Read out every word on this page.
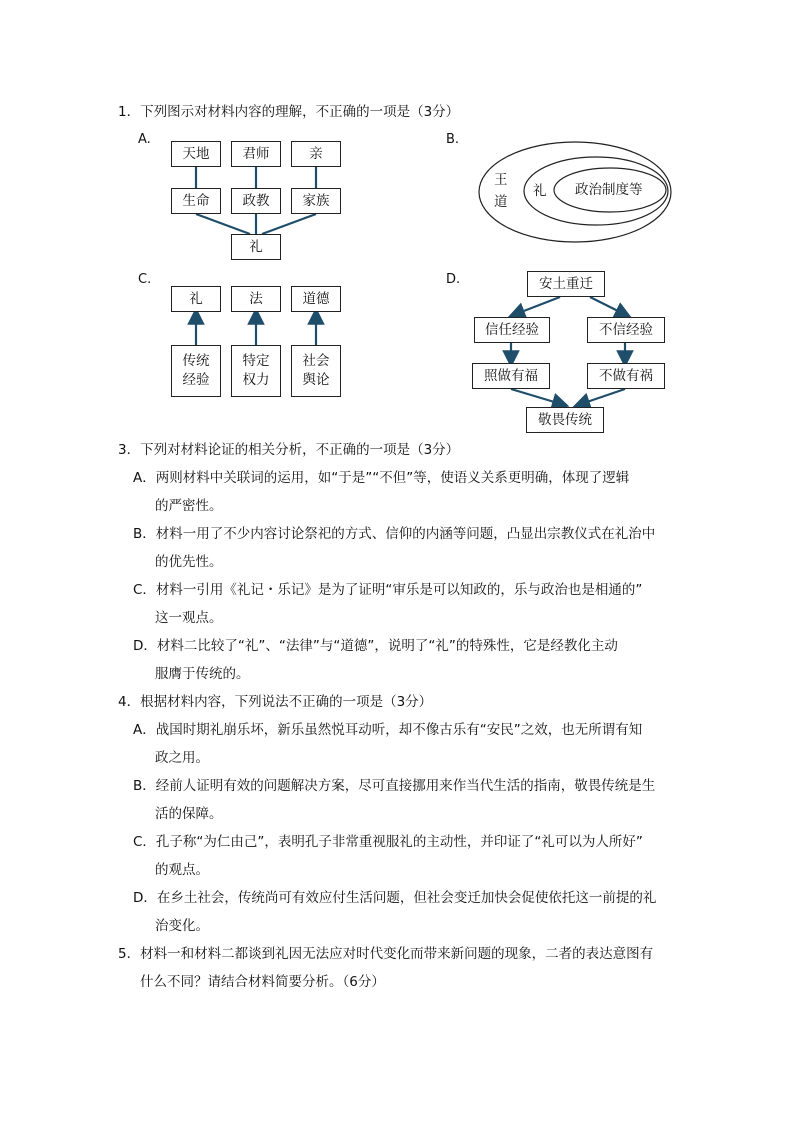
1．下列图示对材料内容的理解，不正确的一项是（3分）
A.
天地	君师	亲
生命	政教	家族
礼
B.
王
道
礼 政治制度等
C.
礼	法	道德
传统
经验
特定
权力
社会
舆论
D.	安土重迁
信任经验	不信经验
照做有福	不做有祸
敬畏传统
3．下列对材料论证的相关分析，不正确的一项是（3分）
A．两则材料中关联词的运用，如“于是”“不但”等，使语义关系更明确，体现了逻辑
的严密性。
B．材料一用了不少内容讨论祭祀的方式、信仰的内涵等问题，凸显出宗教仪式在礼治中
的优先性。
C．材料一引用《礼记・乐记》是为了证明“审乐是可以知政的，乐与政治也是相通的”
这一观点。
D．材料二比较了“礼”、“法律”与“道德”，说明了“礼”的特殊性，它是经教化主动
服膺于传统的。
4．根据材料内容，下列说法不正确的一项是（3分）
A．战国时期礼崩乐坏，新乐虽然悦耳动听，却不像古乐有“安民”之效，也无所谓有知
政之用。
B．经前人证明有效的问题解决方案，尽可直接挪用来作当代生活的指南，敬畏传统是生
活的保障。
C．孔子称“为仁由己”，表明孔子非常重视服礼的主动性，并印证了“礼可以为人所好”
的观点。
D．在乡土社会，传统尚可有效应付生活问题，但社会变迁加快会促使依托这一前提的礼
治变化。
5．材料一和材料二都谈到礼因无法应对时代变化而带来新问题的现象，二者的表达意图有
什么不同？请结合材料简要分析。（6分）
